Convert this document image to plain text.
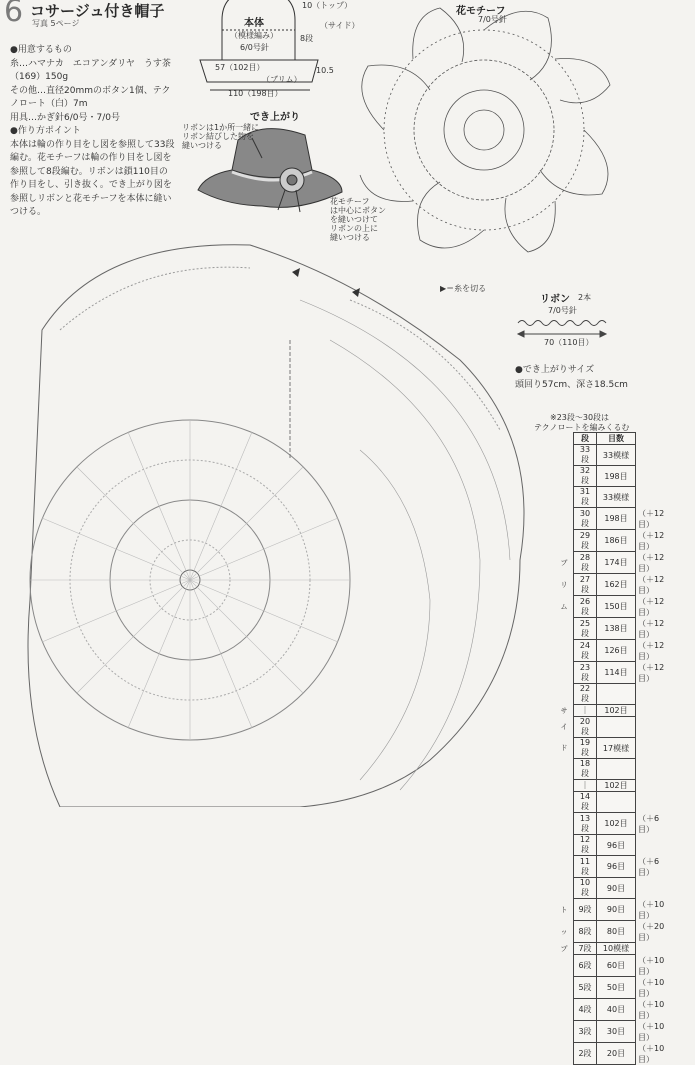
6 コサージュ付き帽子
写真 5ページ
●用意するもの
糸…ハマナカ　エコアンダリヤ　うす茶
（169）150g
その他…直径20mmのボタン1個、テク
ノロート（白）7m
用具…かぎ針6/0号・7/0号
●作り方ポイント
本体は輪の作り目をし図を参照して33段
編む。花モチーフは輪の作り目をし図を
参照して8段編む。リボンは鎖110目の
作り目をし、引き抜く。でき上がり図を
参照しリボンと花モチーフを本体に縫い
つける。
本体
（模様編み）
6/0号針
10（トップ）
（サイド）
8段
57（102目）
（ブリム）
10.5
110（198目）
でき上がり
リボンは1か所一緒に
リボン結びした物を
縫いつける
花モチーフ
は中心にボタン
を縫いつけて
リボンの上に
縫いつける
花モチーフ
7/0号針
▶＝糸を切る
リボン 2本
7/0号針
70（110目）
●でき上がりサイズ
頭回り57cm、深さ18.5cm
※23段〜30段は
テクノロートを編みくるむ
	段	目数	
	33段	33模様	
	32段	198目	
	31段	33模様	
	30段	198目	（＋12目）
	29段	186目	（＋12目）
ブ	28段	174目	（＋12目）
リ	27段	162目	（＋12目）
ム	26段	150目	（＋12目）
	25段	138目	（＋12目）
	24段	126目	（＋12目）
	23段	114目	（＋12目）
	22段		
サ	｜	102目	
イ	20段		
ド	19段	17模様	
	18段		
	｜	102目	
	14段		
	13段	102目	（＋6目）
	12段	96目	
	11段	96目	（＋6目）
	10段	90目	
ト	9段	90目	（＋10目）
ッ	8段	80目	（＋20目）
プ	7段	10模様	
	6段	60目	（＋10目）
	5段	50目	（＋10目）
	4段	40目	（＋10目）
	3段	30目	（＋10目）
	2段	20目	（＋10目）
